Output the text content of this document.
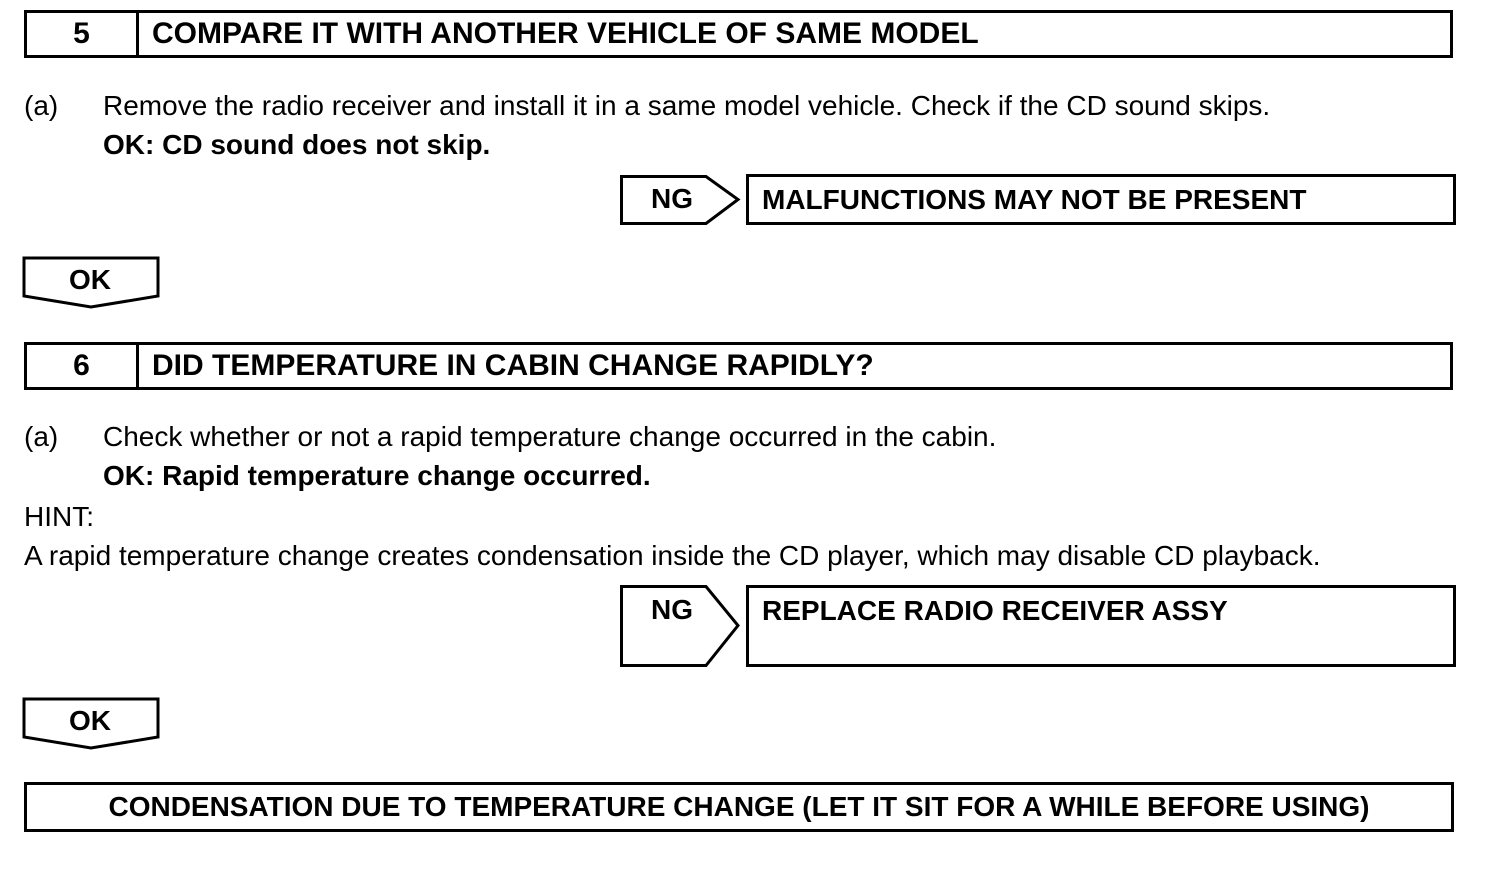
5	COMPARE IT WITH ANOTHER VEHICLE OF SAME MODEL
(a) Remove the radio receiver and install it in a same model vehicle. Check if the CD sound skips.
OK: CD sound does not skip.
NG	MALFUNCTIONS MAY NOT BE PRESENT
OK
6	DID TEMPERATURE IN CABIN CHANGE RAPIDLY?
(a) Check whether or not a rapid temperature change occurred in the cabin.
OK: Rapid temperature change occurred.
HINT:
A rapid temperature change creates condensation inside the CD player, which may disable CD playback.
NG	REPLACE RADIO RECEIVER ASSY
OK
CONDENSATION DUE TO TEMPERATURE CHANGE (LET IT SIT FOR A WHILE BEFORE USING)
